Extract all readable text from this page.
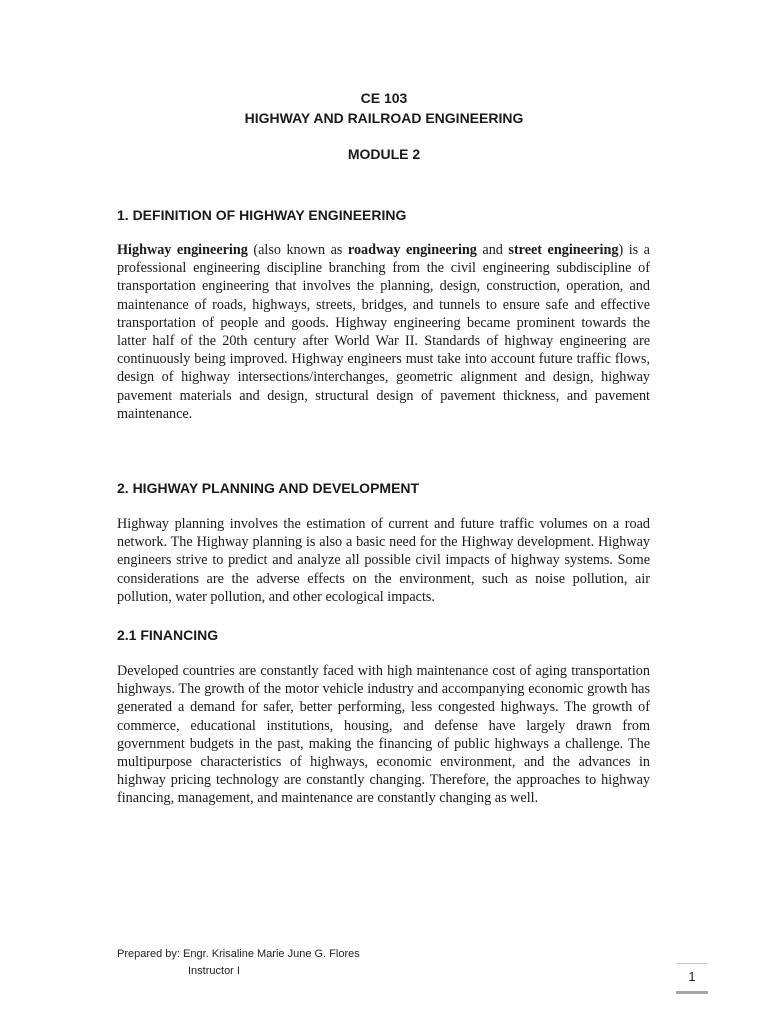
CE 103
HIGHWAY AND RAILROAD ENGINEERING
MODULE 2
1. DEFINITION OF HIGHWAY ENGINEERING

Highway engineering (also known as roadway engineering and street engineering) is a professional engineering discipline branching from the civil engineering subdiscipline of transportation engineering that involves the planning, design, construction, operation, and maintenance of roads, highways, streets, bridges, and tunnels to ensure safe and effective transportation of people and goods. Highway engineering became prominent towards the latter half of the 20th century after World War II. Standards of highway engineering are continuously being improved. Highway engineers must take into account future traffic flows, design of highway intersections/interchanges, geometric alignment and design, highway pavement materials and design, structural design of pavement thickness, and pavement maintenance.

2. HIGHWAY PLANNING AND DEVELOPMENT

Highway planning involves the estimation of current and future traffic volumes on a road network. The Highway planning is also a basic need for the Highway development. Highway engineers strive to predict and analyze all possible civil impacts of highway systems. Some considerations are the adverse effects on the environment, such as noise pollution, air pollution, water pollution, and other ecological impacts.

2.1 FINANCING

Developed countries are constantly faced with high maintenance cost of aging transportation highways. The growth of the motor vehicle industry and accompanying economic growth has generated a demand for safer, better performing, less congested highways. The growth of commerce, educational institutions, housing, and defense have largely drawn from government budgets in the past, making the financing of public highways a challenge. The multipurpose characteristics of highways, economic environment, and the advances in highway pricing technology are constantly changing. Therefore, the approaches to highway financing, management, and maintenance are constantly changing as well.

Prepared by: Engr. Krisaline Marie June G. Flores
Instructor I	1
